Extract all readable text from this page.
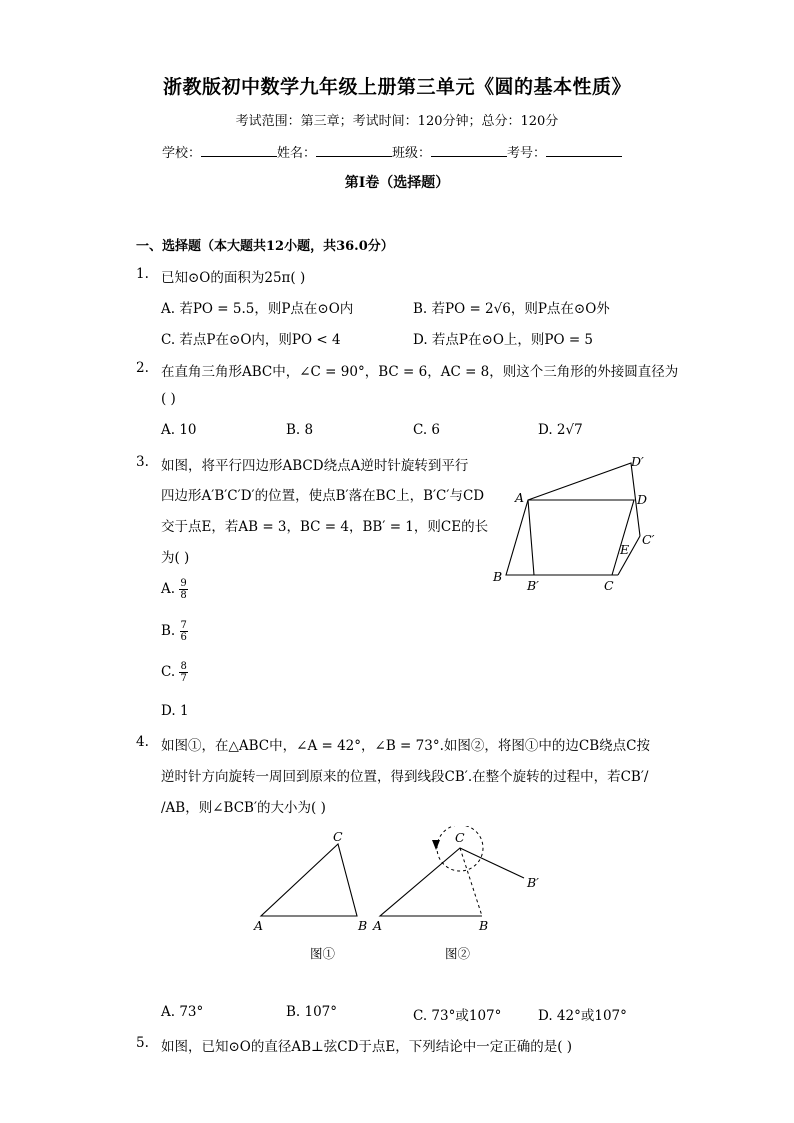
浙教版初中数学九年级上册第三单元《圆的基本性质》
考试范围：第三章；考试时间：120分钟；总分：120分
学校：	姓名：	班级：	考号：
第I卷（选择题）
一、选择题（本大题共12小题，共36.0分）
1. 已知⊙O的面积为25π( )
A. 若PO = 5.5，则P点在⊙O内	B. 若PO = 2√6，则P点在⊙O外
C. 若点P在⊙O内，则PO < 4	D. 若点P在⊙O上，则PO = 5
2. 在直角三角形ABC中，∠C = 90°，BC = 6，AC = 8，则这个三角形的外接圆直径为
( )
A. 10	B. 8	C. 6	D. 2√7
3. 如图，将平行四边形ABCD绕点A逆时针旋转到平行
四边形A′B′C′D′的位置，使点B′落在BC上，B′C′与CD
交于点E，若AB = 3，BC = 4，BB′ = 1，则CE的长
为( )
A. $\frac{9}{8}$
B. $\frac{7}{6}$
C. $\frac{8}{7}$
D. 1
A
B
B′	C
C′
D
D′
E
4. 如图①，在△ABC中，∠A = 42°，∠B = 73°.如图②，将图①中的边CB绕点C按
逆时针方向旋转一周回到原来的位置，得到线段CB′.在整个旋转的过程中，若CB′/
/AB，则∠BCB′的大小为( )
C
A	B
C
A	B
B′
图①	图②
A. 73°	B. 107°	C. 73°或107°	D. 42°或107°
5. 如图，已知⊙O的直径AB⊥弦CD于点E，下列结论中一定正确的是( )
